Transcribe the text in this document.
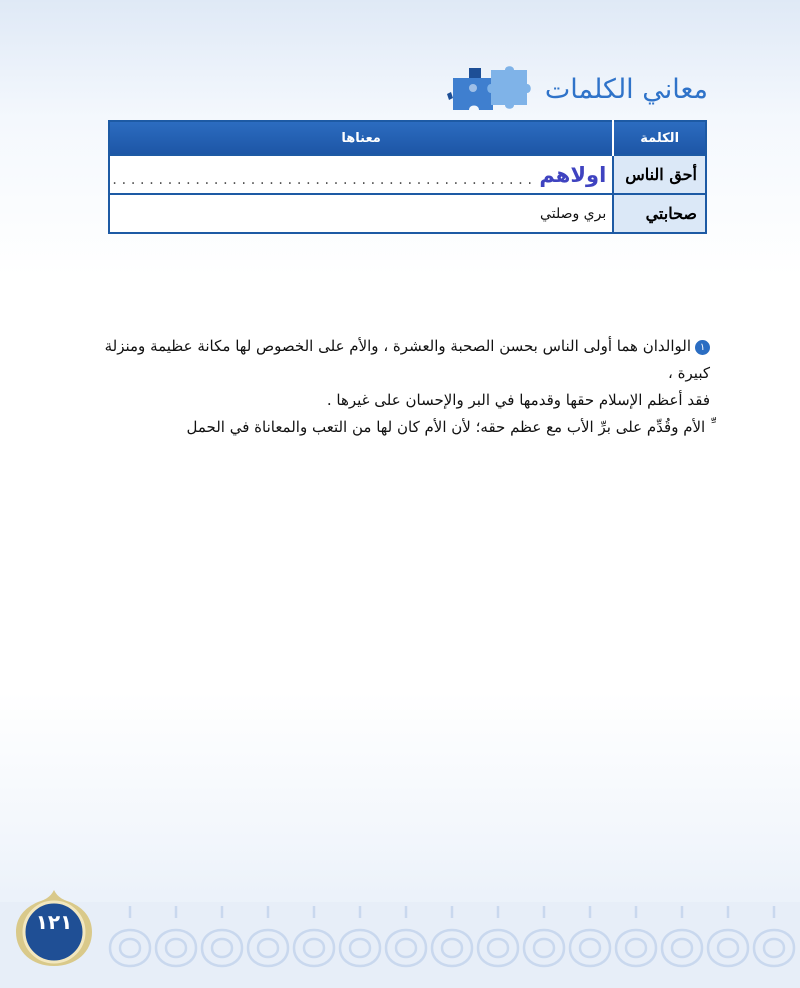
معاني الكلمات
الكلمة	معناها
أحق الناس	اولاهم
..............................................

صحابتي	بري وصلتي

١الوالدان هما أولى الناس بحسن الصحبة والعشرة ، والأم على الخصوص لها مكانة عظيمة ومنزلة كبيرة ،

فقد أعظم الإسلام حقها وقدمها في البر والإحسان على غيرها .

ِّ الأم وقُدِّم على برِّ الأب مع عظم حقه؛ لأن الأم كان لها من التعب والمعاناة في الحمل

١٢١
